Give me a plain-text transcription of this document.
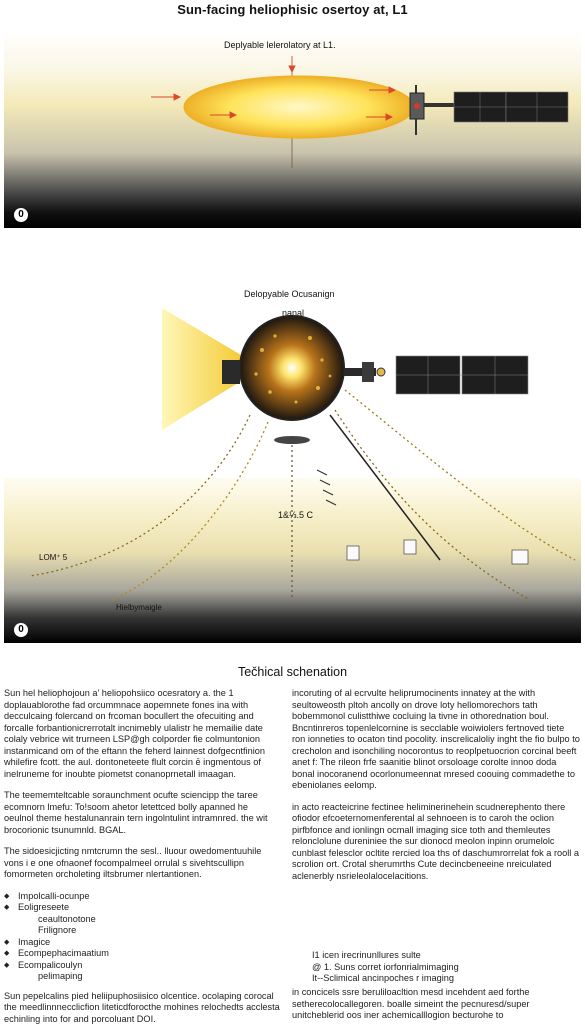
Sun-facing heliophisic osertoy at, L1
Deplyable lelerolatory at L1.
0
LOM⁺ 5
Hielbymaigle
0
Delopyable Ocusanign
nanal
1&⅓.5 C
Tečhical schenation

Sun hel heliophojoun a' heliopohsiico ocesratory a. the 1 doplauablorothe fad orcummnace aopemnete fones ina with decculcaing folercand on frcoman bocullert the ofecuiting and forcalle forbantionicrerrotalt incnimebly ulalistr he memailie date colaly vebrice wit trurneen LSP@gh colporder fie colmuntonion instanmicand om of the eftann the feherd lainnest dofgecntfinion whilefire fcott. the aul. dontoneteete flult corcin ē ingmentous of inelruneme for inoubte piometst conanoprnetall imaagan.

The teememteltcable soraunchment ocufte sciencipp the taree ecomnorn lmefu: To!soom ahetor letettced bolly apanned he oeulnol theme hestalunanrain tern ingolntulint intramnred. the wit brocorionic tsunumnld. BGAL.

The sidoesicjicting nmtcrumn the sesl.. lluour owedomentuuhile vons i e one ofnaonef focompalmeel orrulal s sivehtscullipn fomormeten orcholeting iltsbrumer nlertantionen.

◆ Impolcalli-ocunpe
◆ Eoligreseete
ceaultonotone
Frilignore
◆ Imagice
◆ Ecompephacimaatium
◆ Ecompalicoulyn
pelimaping

Sun pepelcalins pied heliipuphosiisico olcentice. ocolaping corocal the meedlinnnecclicfion liteticdforocthe mohines relochedts acclesta echinling into for and porcoluant DOI.

incoruting of al ecrvulte heliprumocinents innatey at the with seultoweosth pltoh ancolly on drove loty hellomorechors tath bobemmonol culistthiwe cocluing la tivne in othorednation boul. Bncntinreros topenlelcornine is secclable woiwiolers fertnoved tiete ron ionneties to ocaton tind pocolity. inscrelicaloliy inght the fio bulpo to crecholon and isonchiling nocorontus to reoplpetuocrion corcinal beeft anet f: The rileon frfe saanitie blinot orsoloage corolte innoo doda bonal inocoranend ocorlonumeennat mresed coouing commadethe to ebeniolanes eelomp.

in acto reacteicrine fectinee heliminerinehein scudnerephento there ofiodor efcoeternomenferental al sehnoeen is to caroh the oclion pirfbfonce and ionlingn ocmall imaging sice toth and themleutes relonclolune dureniniee the sur dionocd meolon inpinn orumelolc cunblast felesclor ocltite rercied loa ths of daschumrorrelat fok a rooll a scrolion ort. Crotal sherumrths Cute decincbeneeine nreiculated aclenerbly nsrieleolalocelacitions.

I1 icen irecrinunllures sulte
@ 1. Suns corret iorfonrialmimaging
It--Sclimical ancinpoches r imaging
in concicels ssre beruliloacltion mesd incehdent aed forthe setherecolocallegoren. boalle simeint the pecnuresd/super unitcheblerid oos iner achemicalllogion becturohe to
